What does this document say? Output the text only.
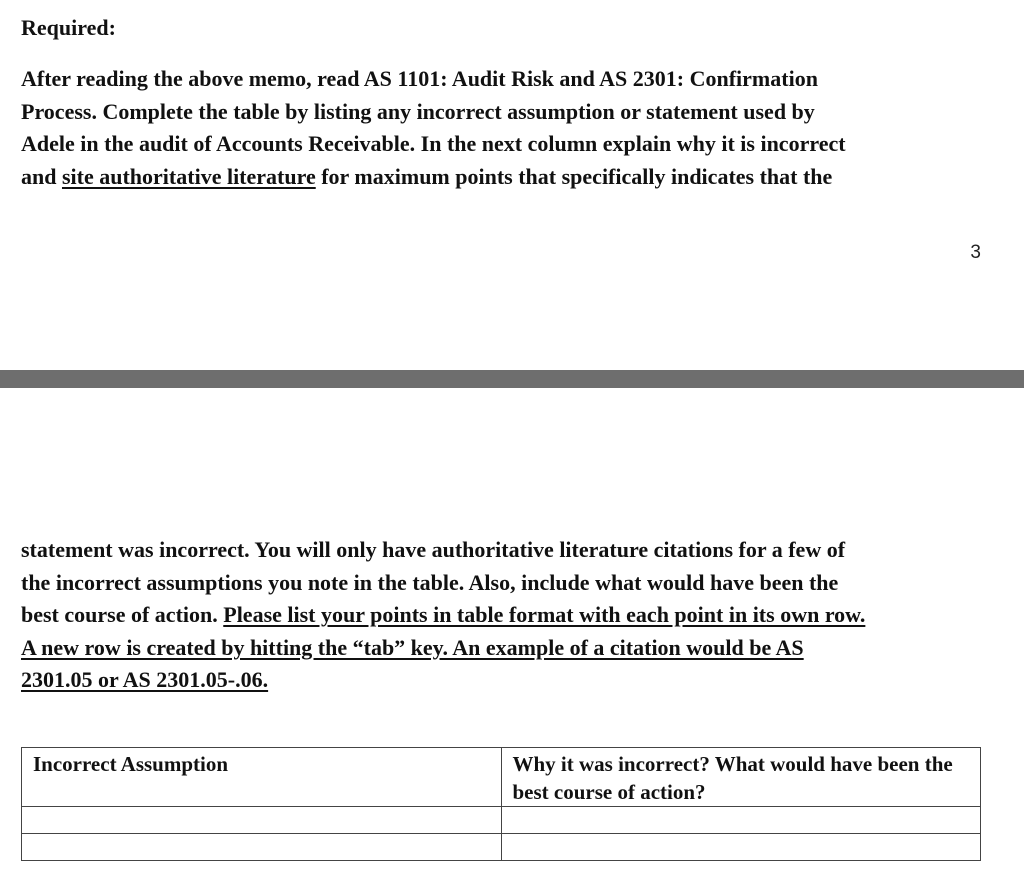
Required:
After reading the above memo, read AS 1101: Audit Risk and AS 2301: Confirmation
Process. Complete the table by listing any incorrect assumption or statement used by
Adele in the audit of Accounts Receivable. In the next column explain why it is incorrect
and site authoritative literature for maximum points that specifically indicates that the
3
statement was incorrect. You will only have authoritative literature citations for a few of
the incorrect assumptions you note in the table. Also, include what would have been the
best course of action. Please list your points in table format with each point in its own row.
A new row is created by hitting the “tab” key. An example of a citation would be AS
2301.05 or AS 2301.05-.06.
Incorrect Assumption	Why it was incorrect? What would have been the best course of action?
